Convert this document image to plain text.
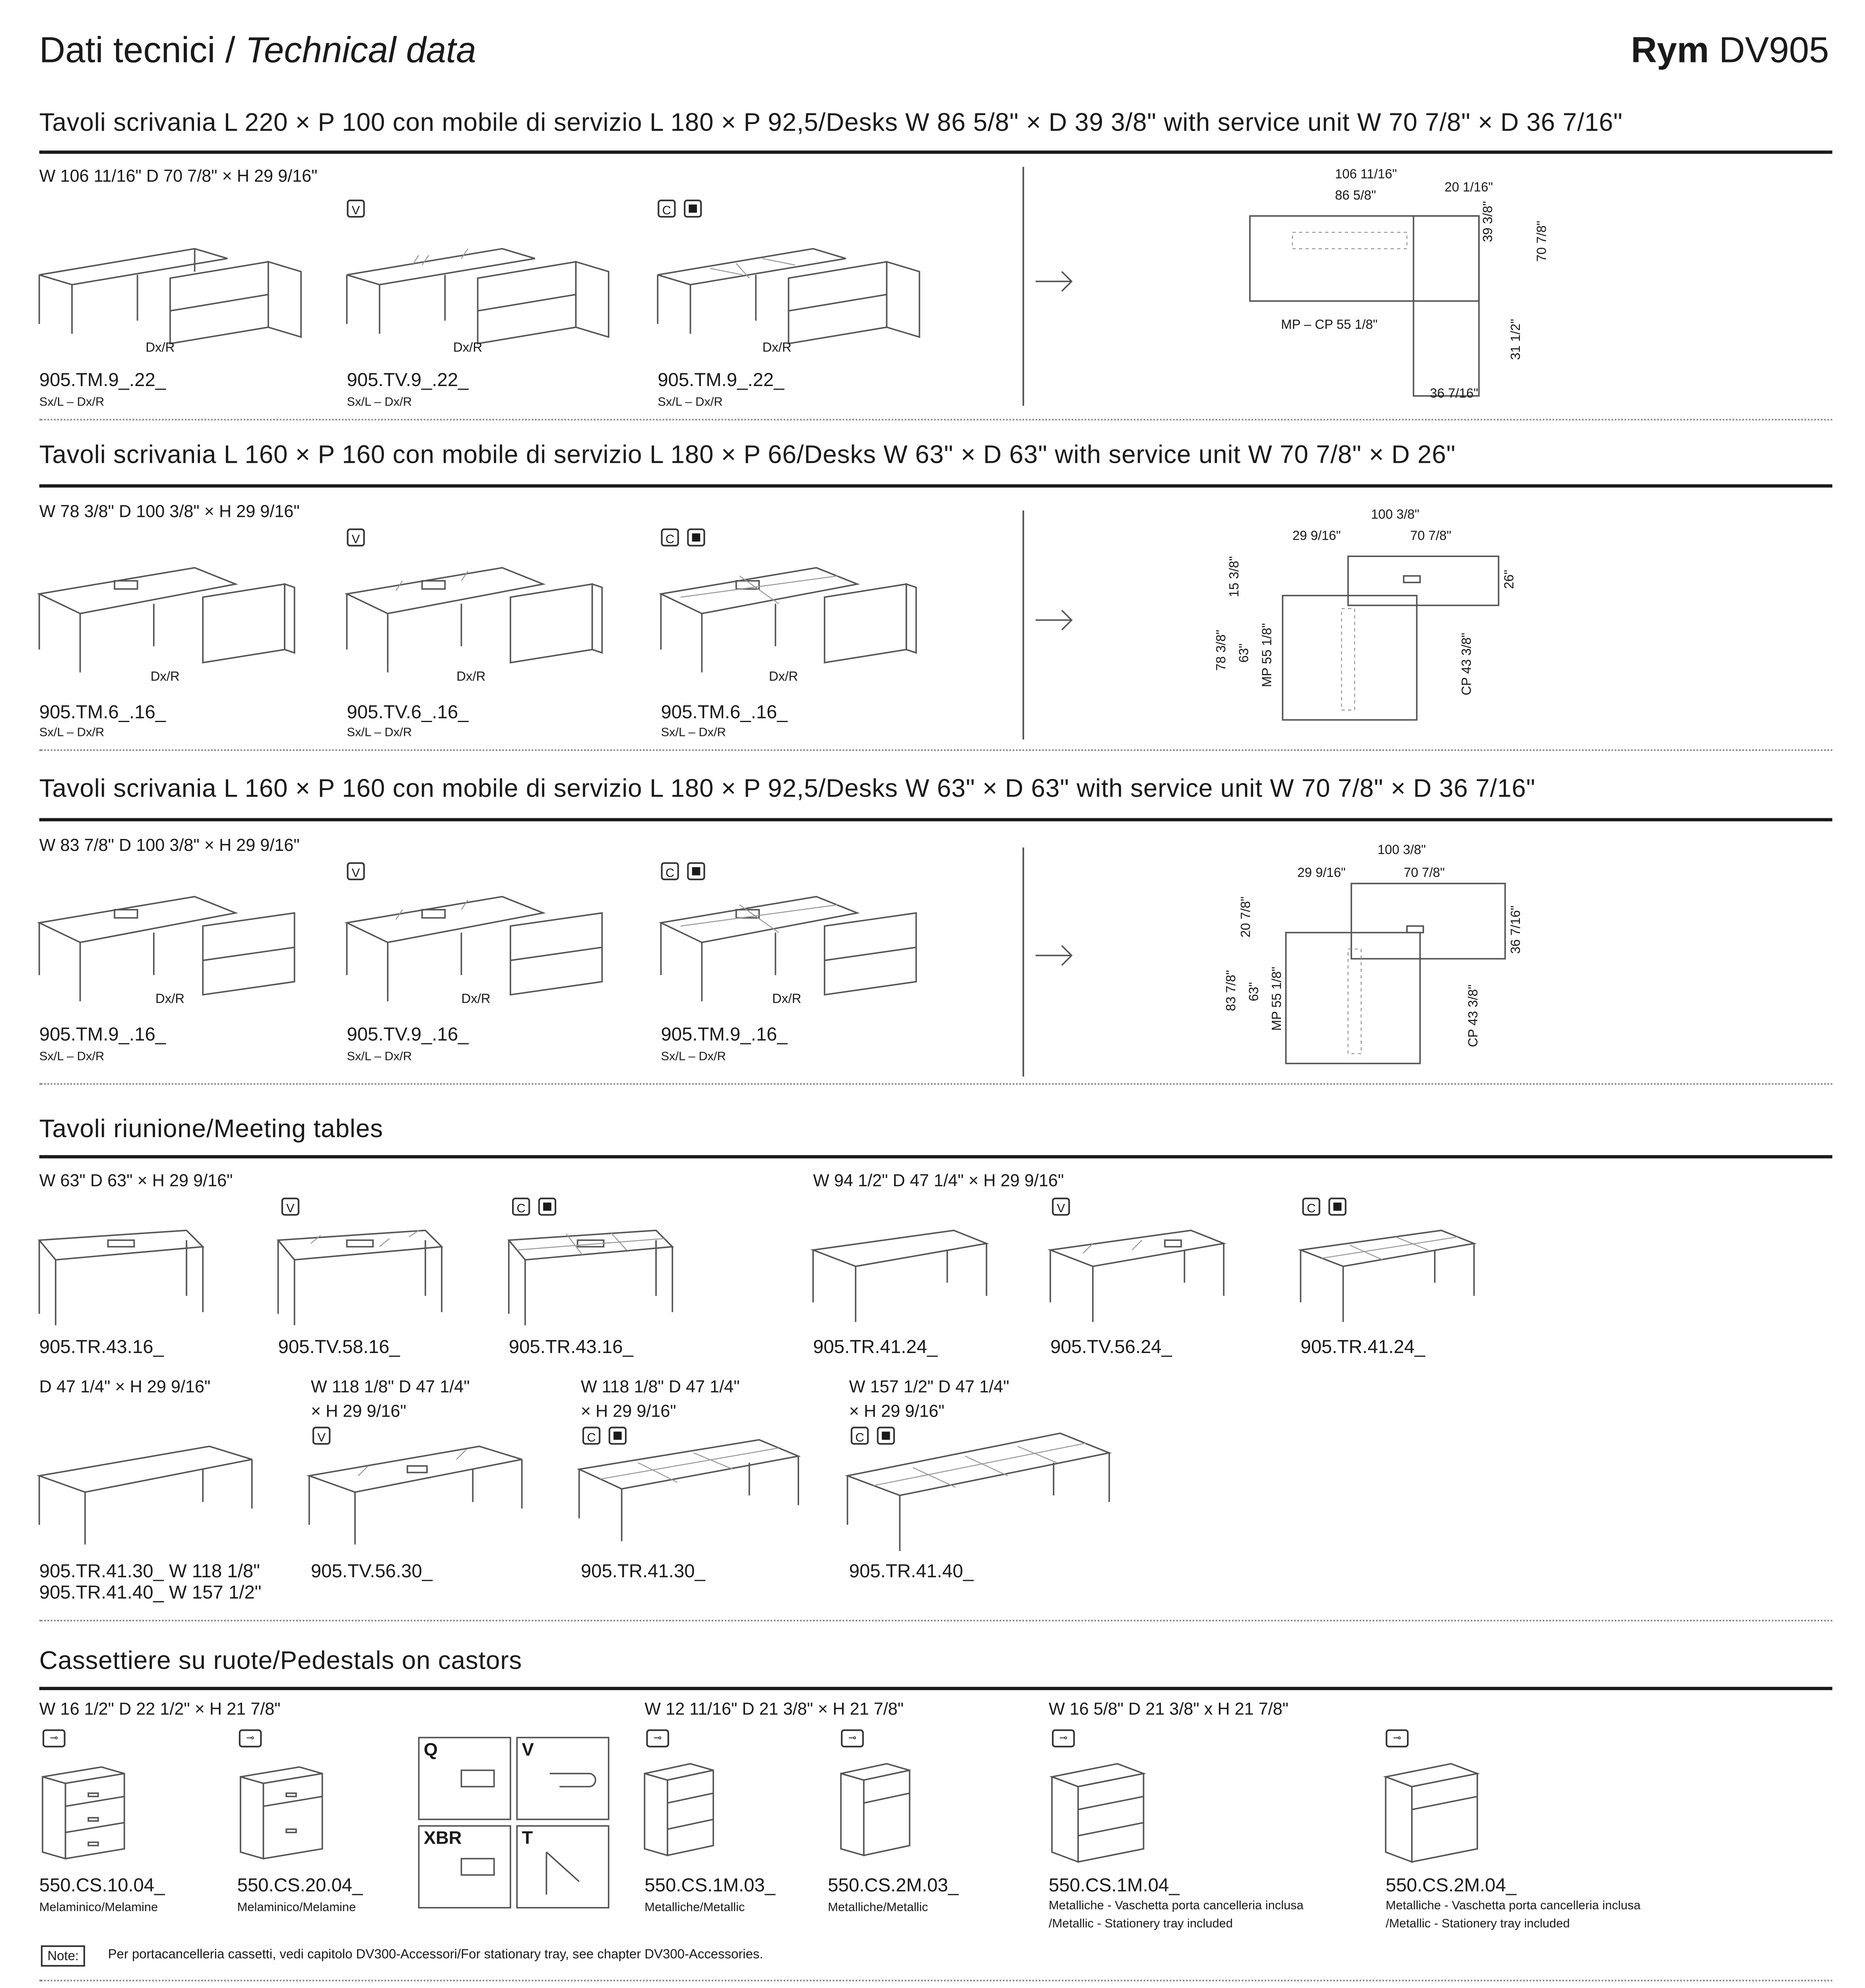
Dati tecnici / Technical data	Rym DV905
Tavoli scrivania L 220 × P 100 con mobile di servizio L 180 × P 92,5/Desks W 86 5/8" × D 39 3/8" with service unit W 70 7/8" × D 36 7/16"
W 106 11/16" D 70 7/8" × H 29 9/16"
V	C
Dx/R	Dx/R	Dx/R
905.TM.9_.22_
Sx/L – Dx/R
905.TV.9_.22_
Sx/L – Dx/R
905.TM.9_.22_
Sx/L – Dx/R
106 11/16"
86 5/8"
20 1/16"
39 3/8"	70 7/8"
31 1/2"
MP – CP 55 1/8"
36 7/16"
Tavoli scrivania L 160 × P 160 con mobile di servizio L 180 × P 66/Desks W 63" × D 63" with service unit W 70 7/8" × D 26"
W 78 3/8" D 100 3/8" × H 29 9/16"
V	C
Dx/R	Dx/R	Dx/R
905.TM.6_.16_
Sx/L – Dx/R
905.TV.6_.16_
Sx/L – Dx/R
905.TM.6_.16_
Sx/L – Dx/R
100 3/8"
29 9/16"	70 7/8"
15 3/8"	26"
78 3/8"	63"	MP 55 1/8"	CP 43 3/8"
Tavoli scrivania L 160 × P 160 con mobile di servizio L 180 × P 92,5/Desks W 63" × D 63" with service unit W 70 7/8" × D 36 7/16"
W 83 7/8" D 100 3/8" × H 29 9/16"
V	C
Dx/R	Dx/R	Dx/R
905.TM.9_.16_
Sx/L – Dx/R
905.TV.9_.16_
Sx/L – Dx/R
905.TM.9_.16_
Sx/L – Dx/R
100 3/8"
29 9/16"	70 7/8"
20 7/8"	36 7/16"
83 7/8"	63"	MP 55 1/8"	CP 43 3/8"
Tavoli riunione/Meeting tables
W 63" D 63" × H 29 9/16"	W 94 1/2" D 47 1/4" × H 29 9/16"
V	C	V	C
905.TR.43.16_	905.TV.58.16_	905.TR.43.16_	905.TR.41.24_	905.TV.56.24_	905.TR.41.24_
D 47 1/4" × H 29 9/16"	W 118 1/8" D 47 1/4"
× H 29 9/16"
W 118 1/8" D 47 1/4"
× H 29 9/16"
W 157 1/2" D 47 1/4"
× H 29 9/16"
V	C	C
905.TR.41.30_ W 118 1/8"
905.TR.41.40_ W 157 1/2"
905.TV.56.30_	905.TR.41.30_	905.TR.41.40_
Cassettiere su ruote/Pedestals on castors
W 16 1/2" D 22 1/2" × H 21 7/8"	W 12 11/16" D 21 3/8" × H 21 7/8"	W 16 5/8" D 21 3/8" x H 21 7/8"
⊸	⊸	⊸	⊸	⊸	⊸
Q	V
XBR	T
550.CS.10.04_
Melaminico/Melamine
550.CS.20.04_
Melaminico/Melamine
550.CS.1M.03_
Metalliche/Metallic
550.CS.2M.03_
Metalliche/Metallic
550.CS.1M.04_
Metalliche - Vaschetta porta cancelleria inclusa
/Metallic - Stationery tray included
550.CS.2M.04_
Metalliche - Vaschetta porta cancelleria inclusa
/Metallic - Stationery tray included
Note:	Per portacancelleria cassetti, vedi capitolo DV300-Accessori/For stationary tray, see chapter DV300-Accessories.
